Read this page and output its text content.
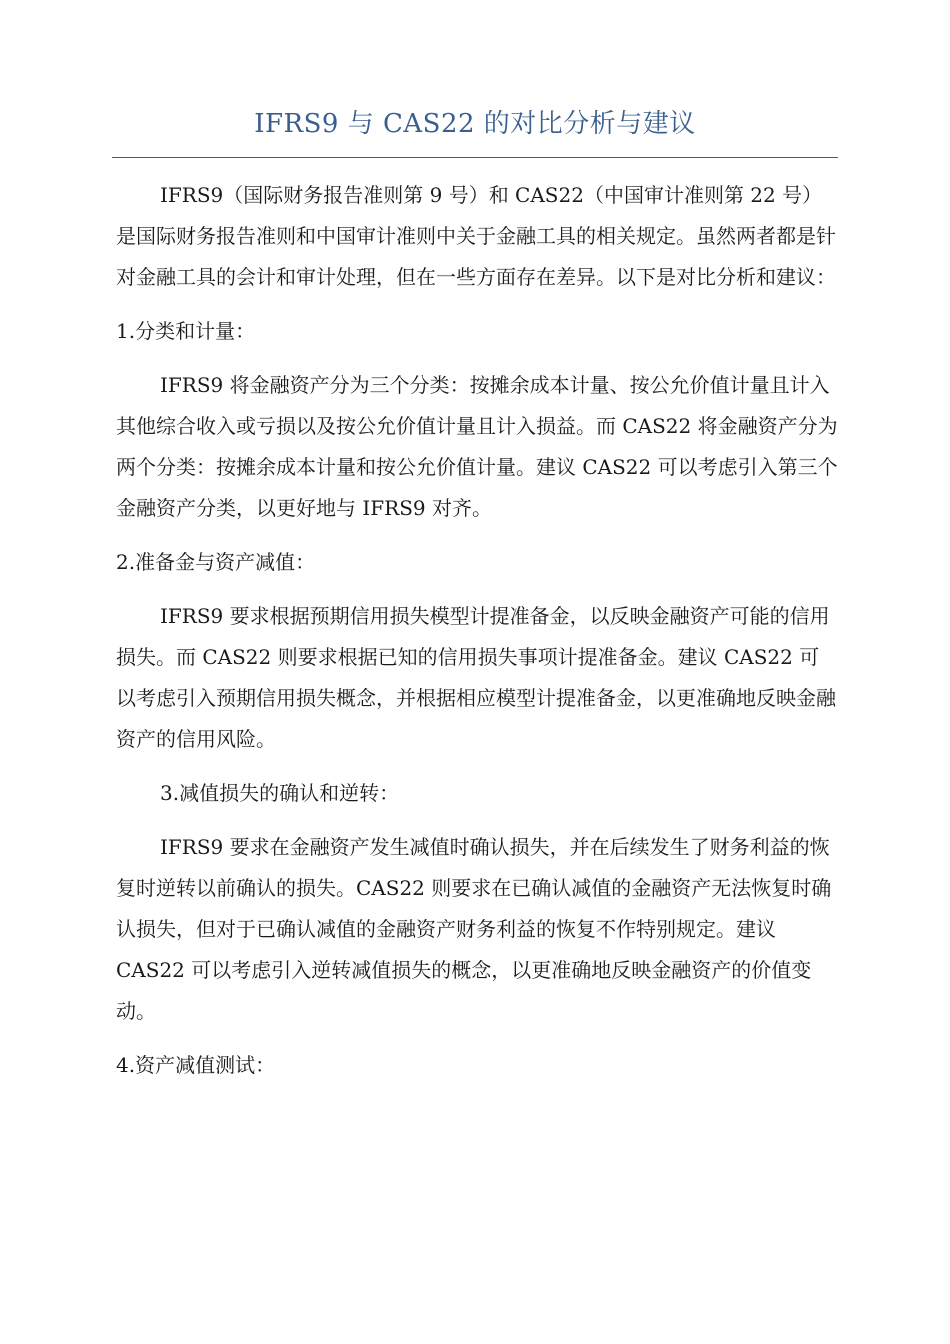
IFRS9 与 CAS22 的对比分析与建议

IFRS9（国际财务报告准则第 9 号）和 CAS22（中国审计准则第 22 号）是国际财务报告准则和中国审计准则中关于金融工具的相关规定。虽然两者都是针对金融工具的会计和审计处理，但在一些方面存在差异。以下是对比分析和建议：

1.分类和计量：

IFRS9 将金融资产分为三个分类：按摊余成本计量、按公允价值计量且计入其他综合收入或亏损以及按公允价值计量且计入损益。而 CAS22 将金融资产分为两个分类：按摊余成本计量和按公允价值计量。建议 CAS22 可以考虑引入第三个金融资产分类，以更好地与 IFRS9 对齐。

2.准备金与资产减值：

IFRS9 要求根据预期信用损失模型计提准备金，以反映金融资产可能的信用损失。而 CAS22 则要求根据已知的信用损失事项计提准备金。建议 CAS22 可以考虑引入预期信用损失概念，并根据相应模型计提准备金，以更准确地反映金融资产的信用风险。

3.减值损失的确认和逆转：

IFRS9 要求在金融资产发生减值时确认损失，并在后续发生了财务利益的恢复时逆转以前确认的损失。CAS22 则要求在已确认减值的金融资产无法恢复时确认损失，但对于已确认减值的金融资产财务利益的恢复不作特别规定。建议 CAS22 可以考虑引入逆转减值损失的概念，以更准确地反映金融资产的价值变动。

4.资产减值测试：
